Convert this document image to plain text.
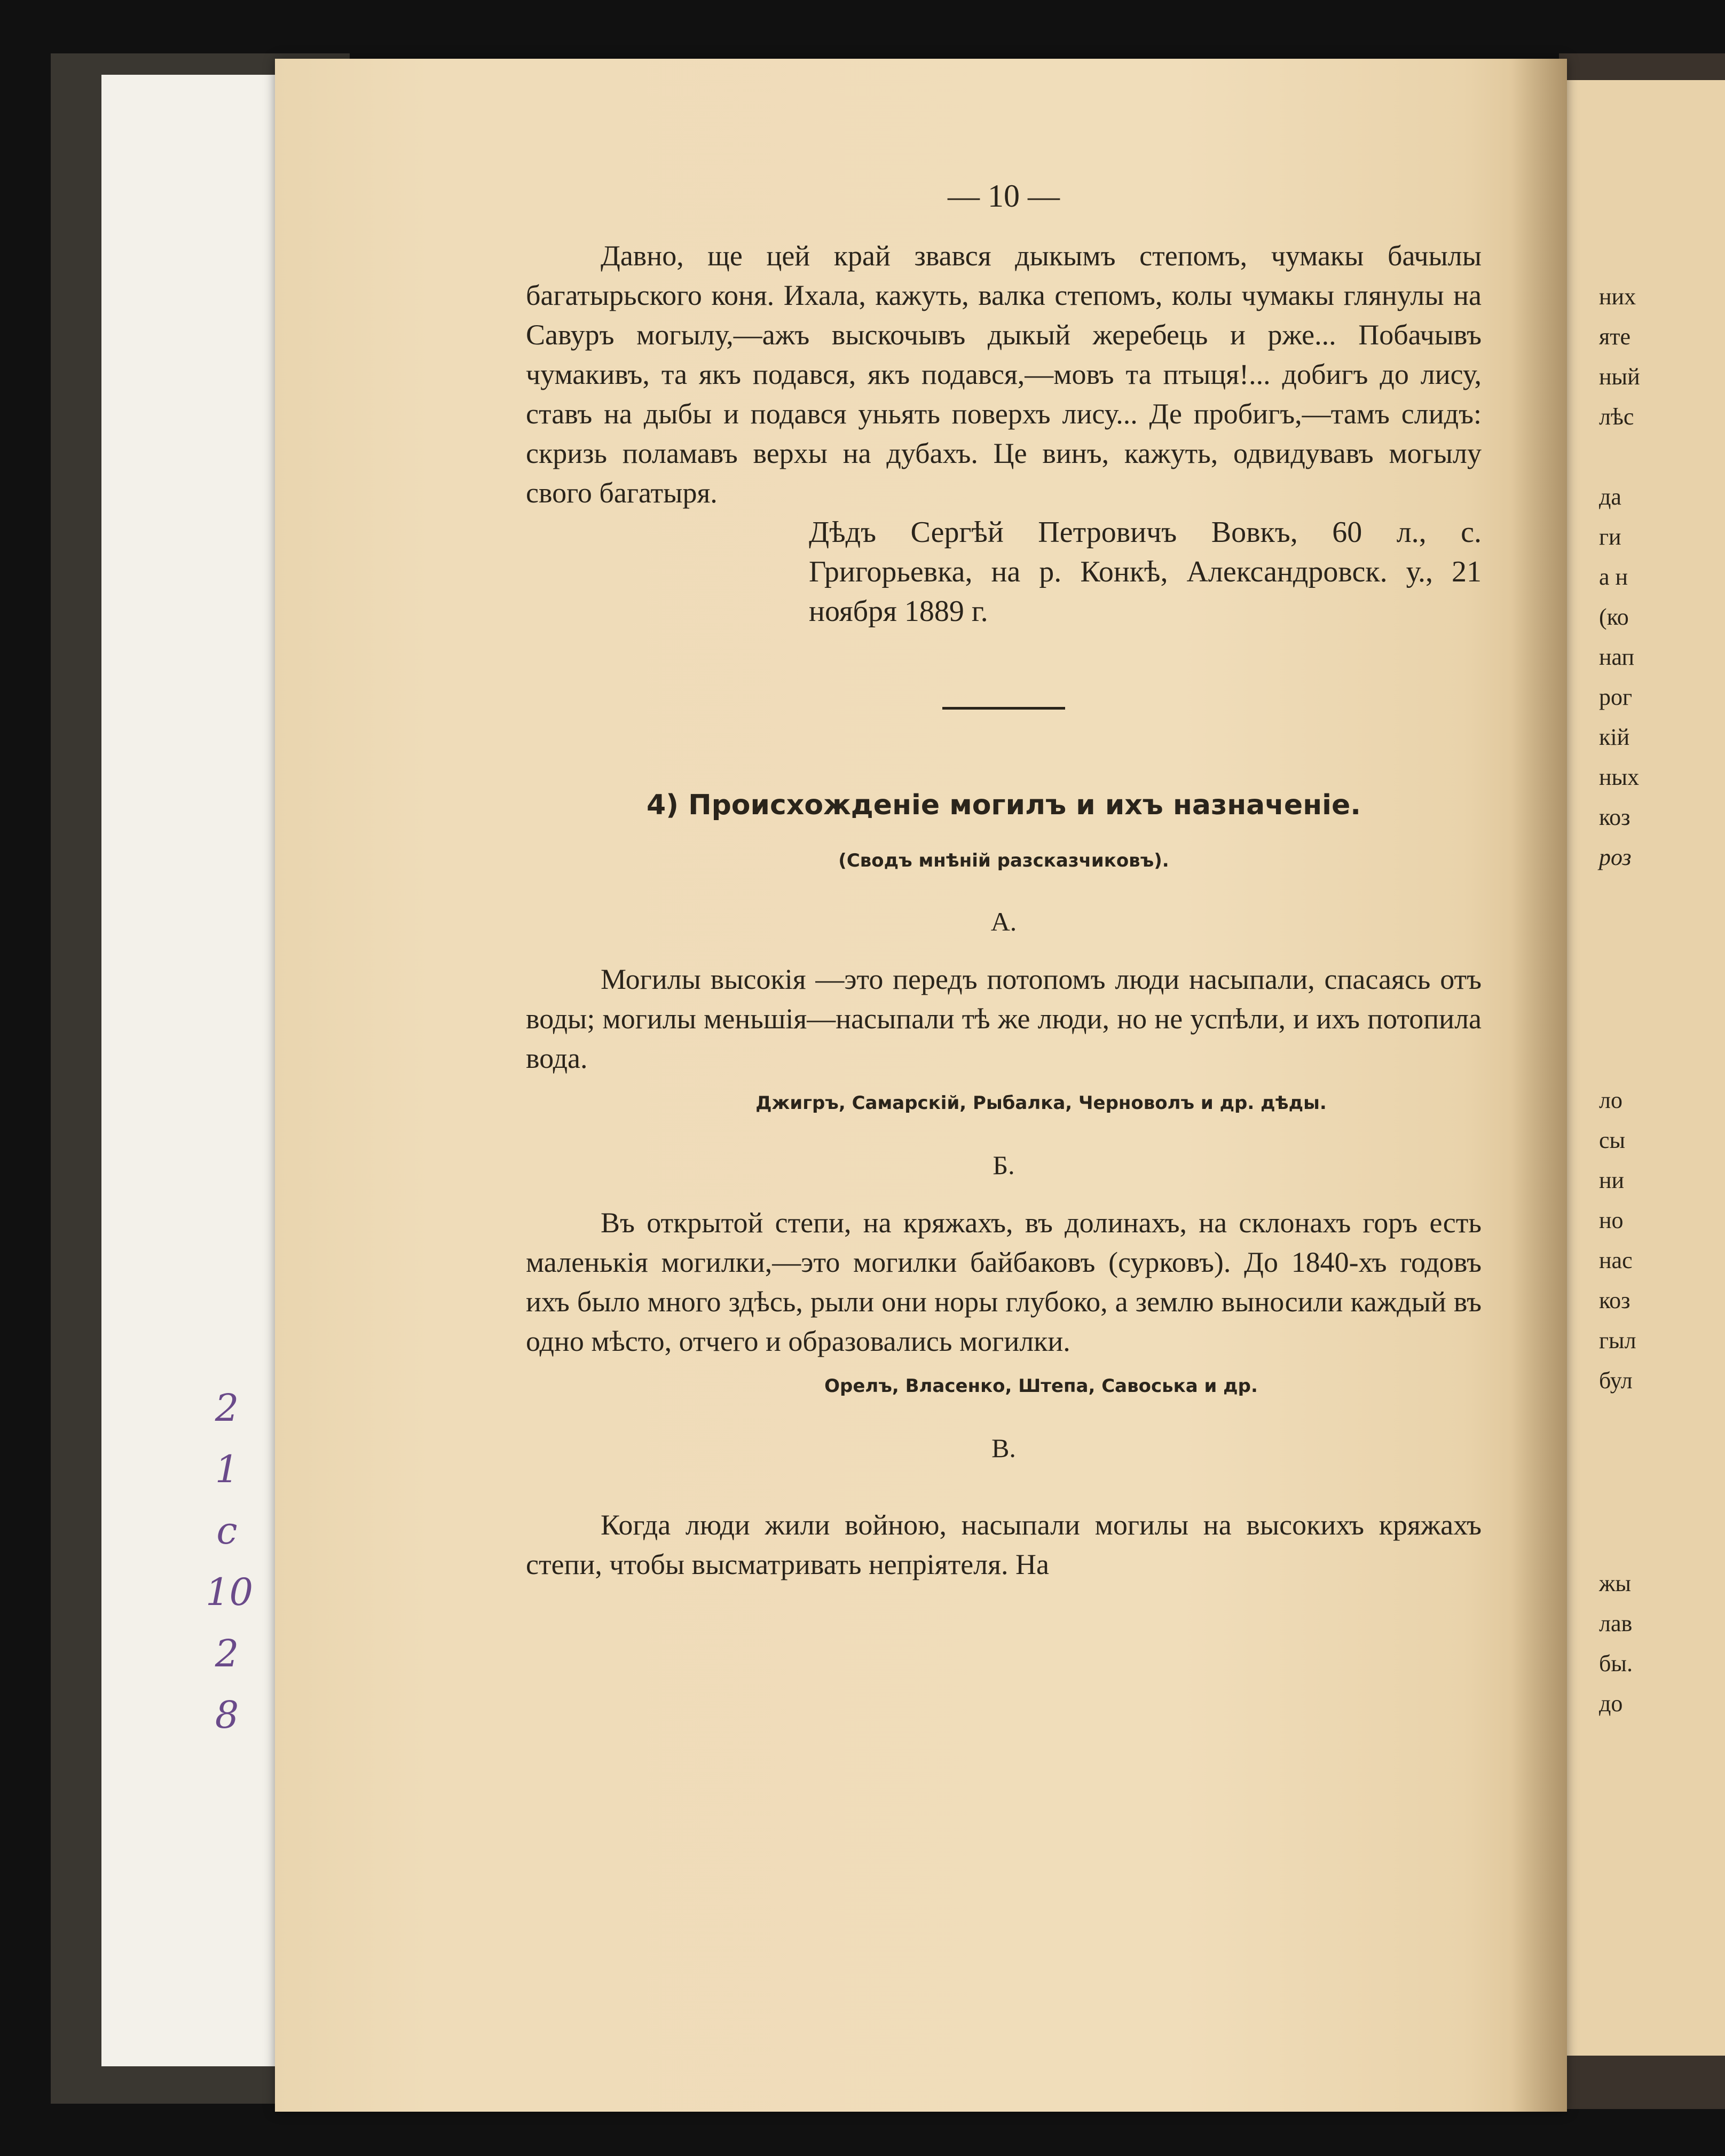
них
яте
ный
лѣс
да
ги
а н
(ко
нап
рог
кій
ных
коз
роз
ло
сы
ни
но
нас
коз
гыл
бул
жы
лав
бы.
до
2
1
с
10
2
8
— 10 —

Давно, ще цей край звався дыкымъ степомъ, чумакы бачылы багатырьского коня. Ихала, кажуть, валка степомъ, колы чумакы глянулы на Савуръ могылу,—ажъ выскочывъ дыкый жеребець и рже... Побачывъ чумакивъ, та якъ подався, якъ подався,—мовъ та птыця!... добигъ до лису, ставъ на дыбы и подався уньять поверхъ лису... Де пробигъ,—тамъ слидъ: скризь поламавъ верхы на дубахъ. Це винъ, кажуть, одвидувавъ могылу свого багатыря.

Дѣдъ Сергѣй Петровичъ Вовкъ, 60 л., с. Григорьевка, на р. Конкѣ, Александровск. у., 21 ноября 1889 г.
4) Происхожденіе могилъ и ихъ назначеніе.
(Сводъ мнѣній разсказчиковъ).
А.

Могилы высокія —это передъ потопомъ люди насыпали, спасаясь отъ воды; могилы меньшія—насыпали тѣ же люди, но не успѣли, и ихъ потопила вода.

Джигръ, Самарскій, Рыбалка, Черноволъ и др. дѣды.
Б.

Въ открытой степи, на кряжахъ, въ долинахъ, на склонахъ горъ есть маленькія могилки,—это могилки байбаковъ (сурковъ). До 1840-хъ годовъ ихъ было много здѣсь, рыли они норы глубоко, а землю выносили каждый въ одно мѣсто, отчего и образовались могилки.

Орелъ, Власенко, Штепа, Савоська и др.
В.

Когда люди жили войною, насыпали могилы на высокихъ кряжахъ степи, чтобы высматривать непріятеля. На
